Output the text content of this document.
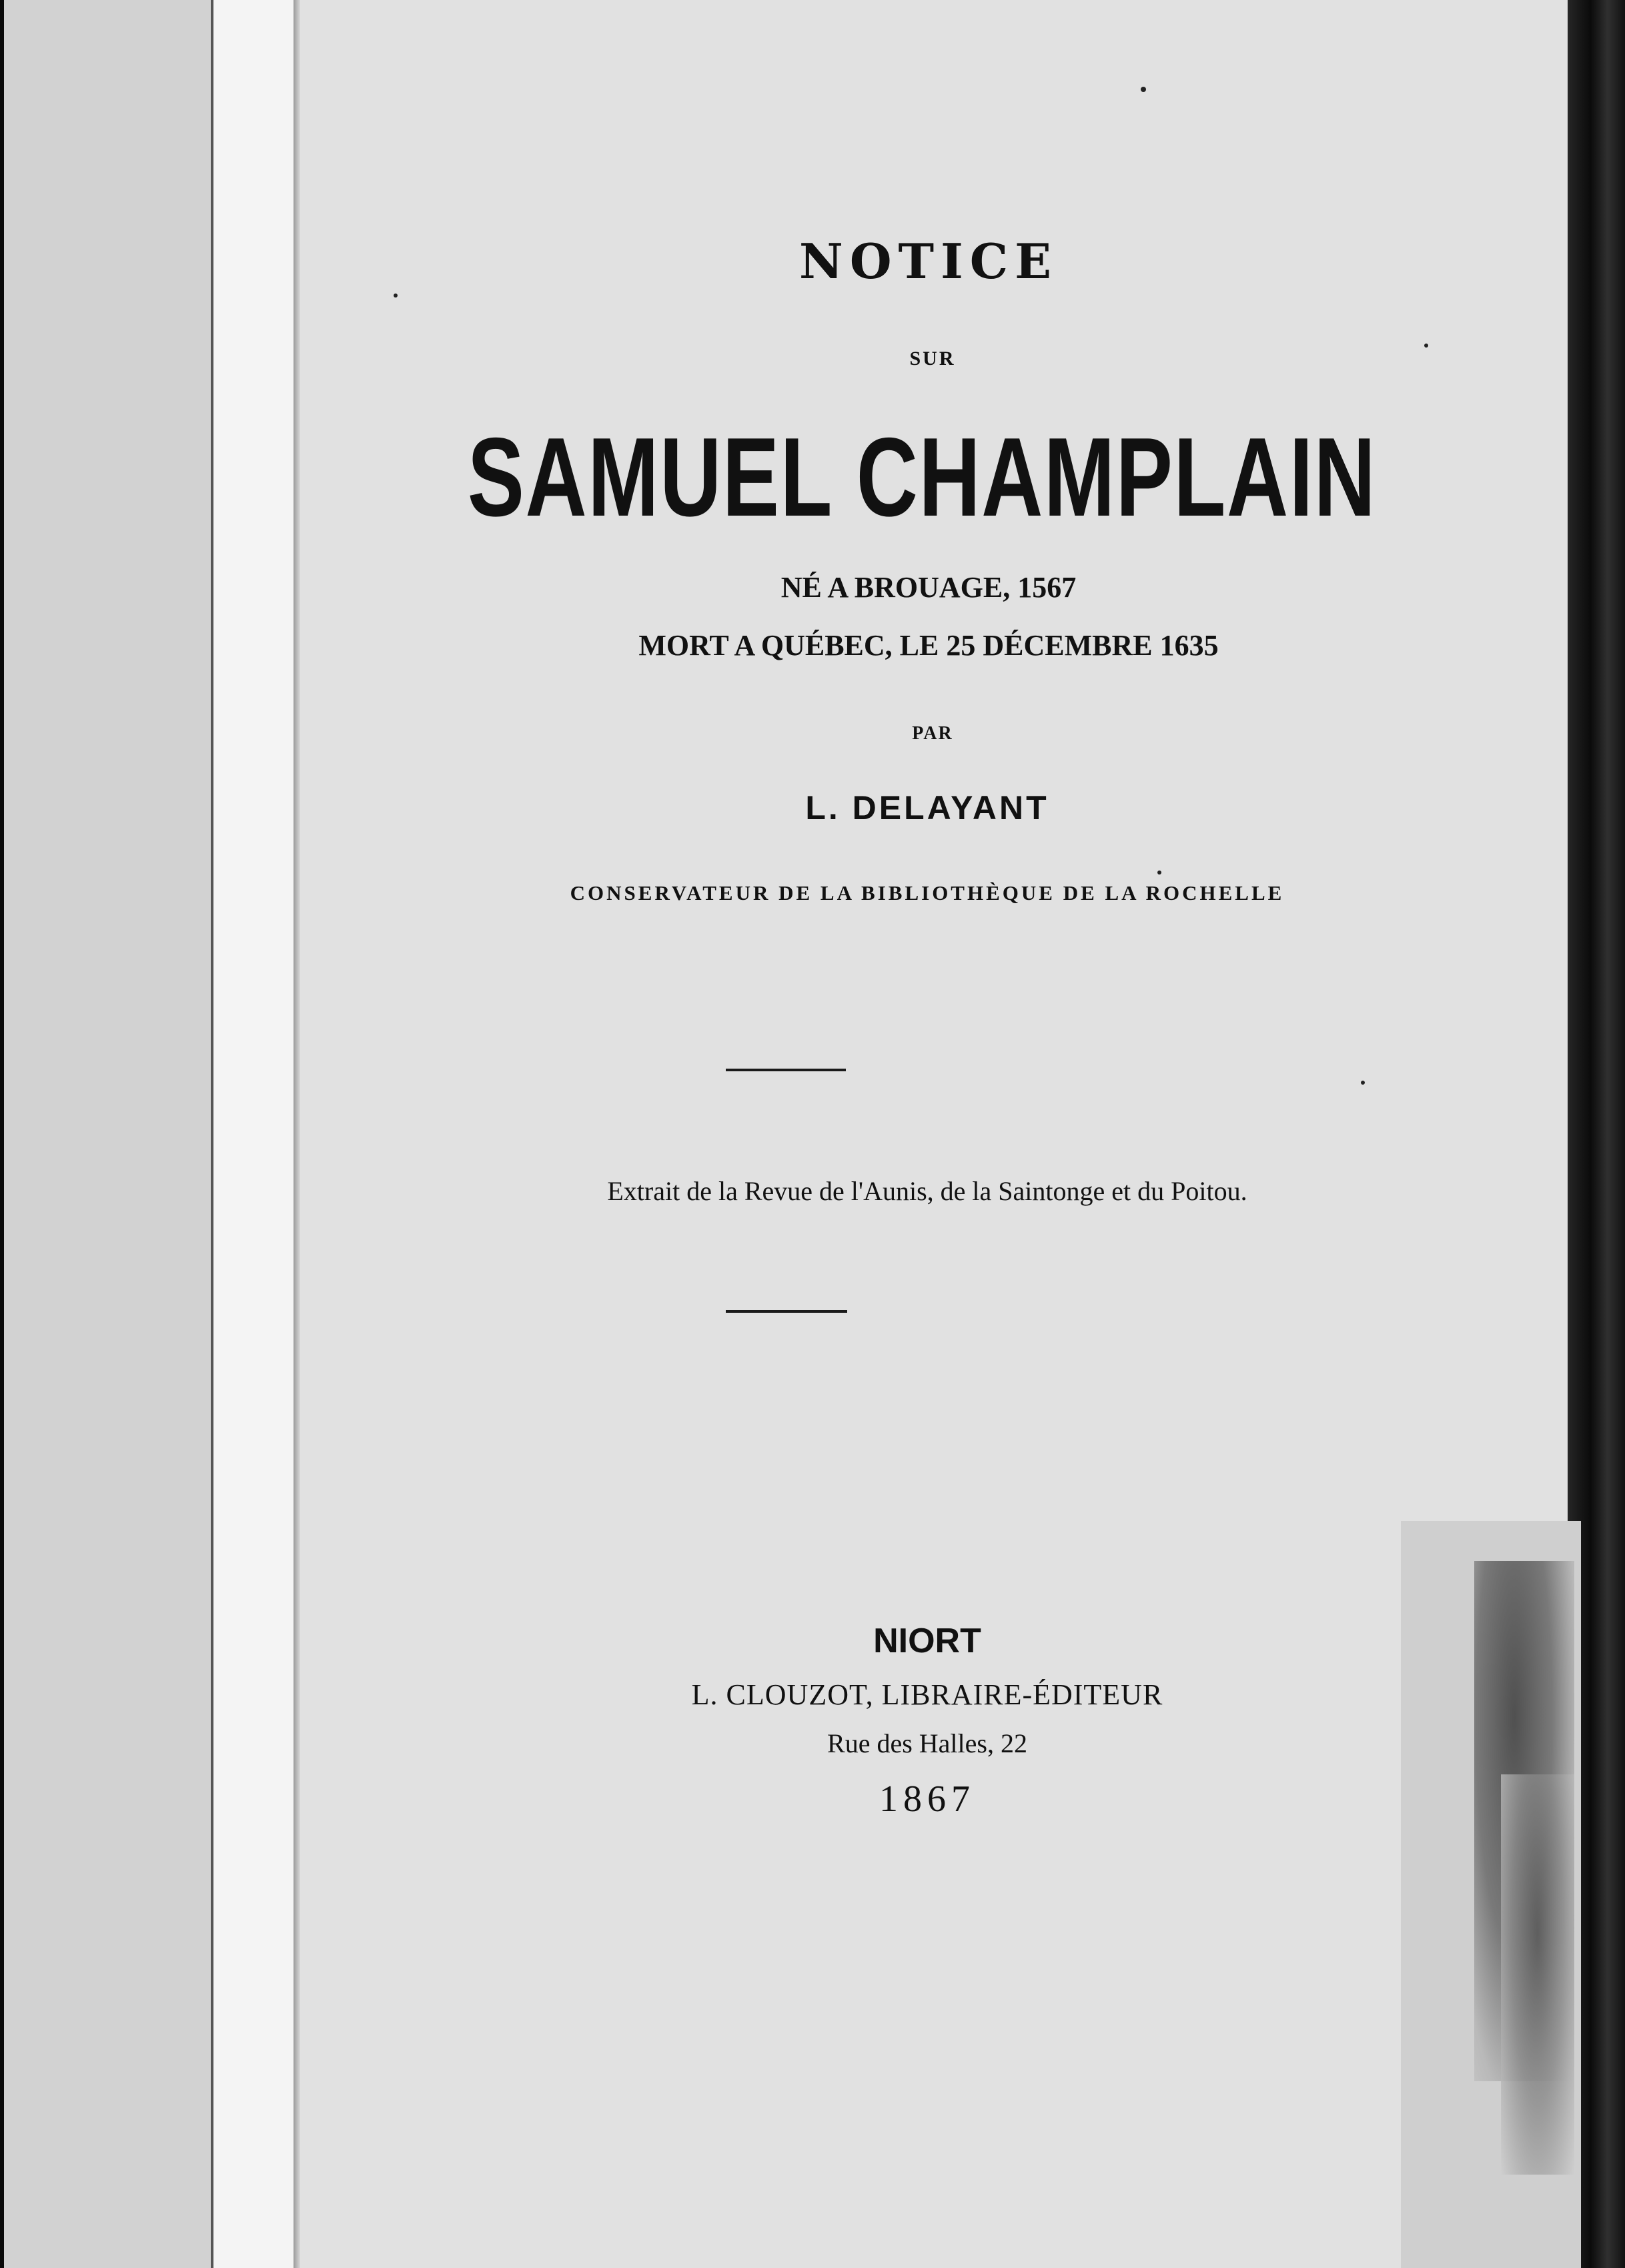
NOTICE
SUR
SAMUEL CHAMPLAIN
NÉ A BROUAGE, 1567
MORT A QUÉBEC, LE 25 DÉCEMBRE 1635
PAR
L. DELAYANT
CONSERVATEUR DE LA BIBLIOTHÈQUE DE LA ROCHELLE
Extrait de la Revue de l'Aunis, de la Saintonge et du Poitou.
NIORT
L. CLOUZOT, LIBRAIRE-ÉDITEUR
Rue des Halles, 22
1867
